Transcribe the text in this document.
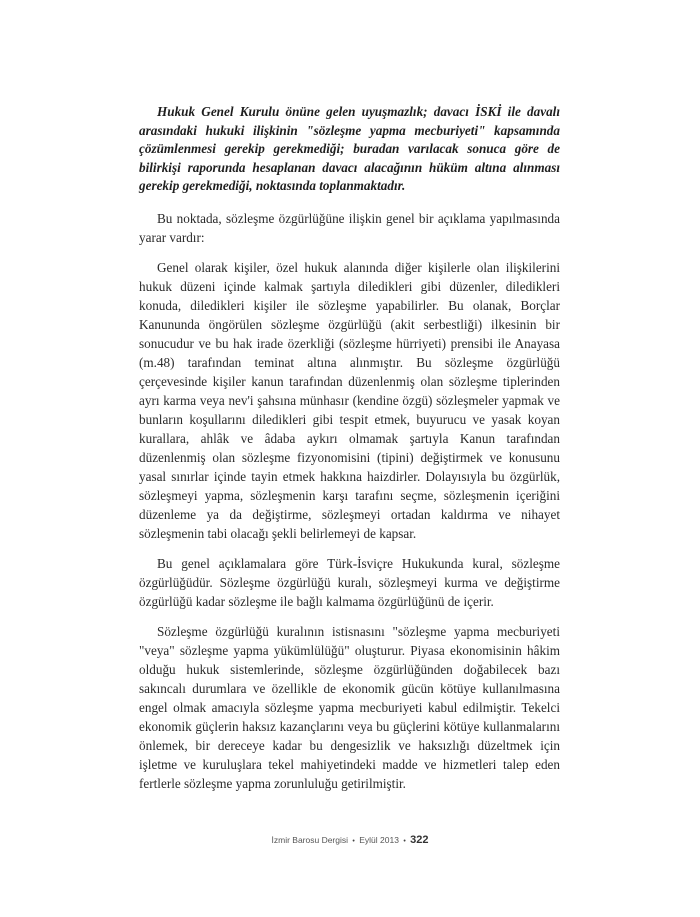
Hukuk Genel Kurulu önüne gelen uyuşmazlık; davacı İSKİ ile davalı arasındaki hukuki ilişkinin "sözleşme yapma mecburiyeti" kapsamında çözümlenmesi gerekip gerekmediği; buradan varılacak sonuca göre de bilirkişi raporunda hesaplanan davacı alacağının hüküm altına alınması gerekip gerekmediği, noktasında toplanmaktadır.

Bu noktada, sözleşme özgürlüğüne ilişkin genel bir açıklama yapılmasında yarar vardır:

Genel olarak kişiler, özel hukuk alanında diğer kişilerle olan ilişkilerini hukuk düzeni içinde kalmak şartıyla diledikleri gibi düzenler, diledikleri konuda, diledikleri kişiler ile sözleşme yapabilirler. Bu olanak, Borçlar Kanununda öngörülen sözleşme özgürlüğü (akit serbestliği) ilkesinin bir sonucudur ve bu hak irade özerkliği (sözleşme hürriyeti) prensibi ile Anayasa (m.48) tarafından teminat altına alınmıştır. Bu sözleşme özgürlüğü çerçevesinde kişiler kanun tarafından düzenlenmiş olan sözleşme tiplerinden ayrı karma veya nev'i şahsına münhasır (kendine özgü) sözleşmeler yapmak ve bunların koşullarını diledikleri gibi tespit etmek, buyurucu ve yasak koyan kurallara, ahlâk ve âdaba aykırı olmamak şartıyla Kanun tarafından düzenlenmiş olan sözleşme fizyonomisini (tipini) değiştirmek ve konusunu yasal sınırlar içinde tayin etmek hakkına haizdirler. Dolayısıyla bu özgürlük, sözleşmeyi yapma, sözleşmenin karşı tarafını seçme, sözleşmenin içeriğini düzenleme ya da değiştirme, sözleşmeyi ortadan kaldırma ve nihayet sözleşmenin tabi olacağı şekli belirlemeyi de kapsar.

Bu genel açıklamalara göre Türk-İsviçre Hukukunda kural, sözleşme özgürlüğüdür. Sözleşme özgürlüğü kuralı, sözleşmeyi kurma ve değiştirme özgürlüğü kadar sözleşme ile bağlı kalmama özgürlüğünü de içerir.

Sözleşme özgürlüğü kuralının istisnasını "sözleşme yapma mecburiyeti "veya" sözleşme yapma yükümlülüğü" oluşturur. Piyasa ekonomisinin hâkim olduğu hukuk sistemlerinde, sözleşme özgürlüğünden doğabilecek bazı sakıncalı durumlara ve özellikle de ekonomik gücün kötüye kullanılmasına engel olmak amacıyla sözleşme yapma mecburiyeti kabul edilmiştir. Tekelci ekonomik güçlerin haksız kazançlarını veya bu güçlerini kötüye kullanmalarını önlemek, bir dereceye kadar bu dengesizlik ve haksızlığı düzeltmek için işletme ve kuruluşlara tekel mahiyetindeki madde ve hizmetleri talep eden fertlerle sözleşme yapma zorunluluğu getirilmiştir.

İzmir Barosu Dergisi • Eylül 2013 • 322
